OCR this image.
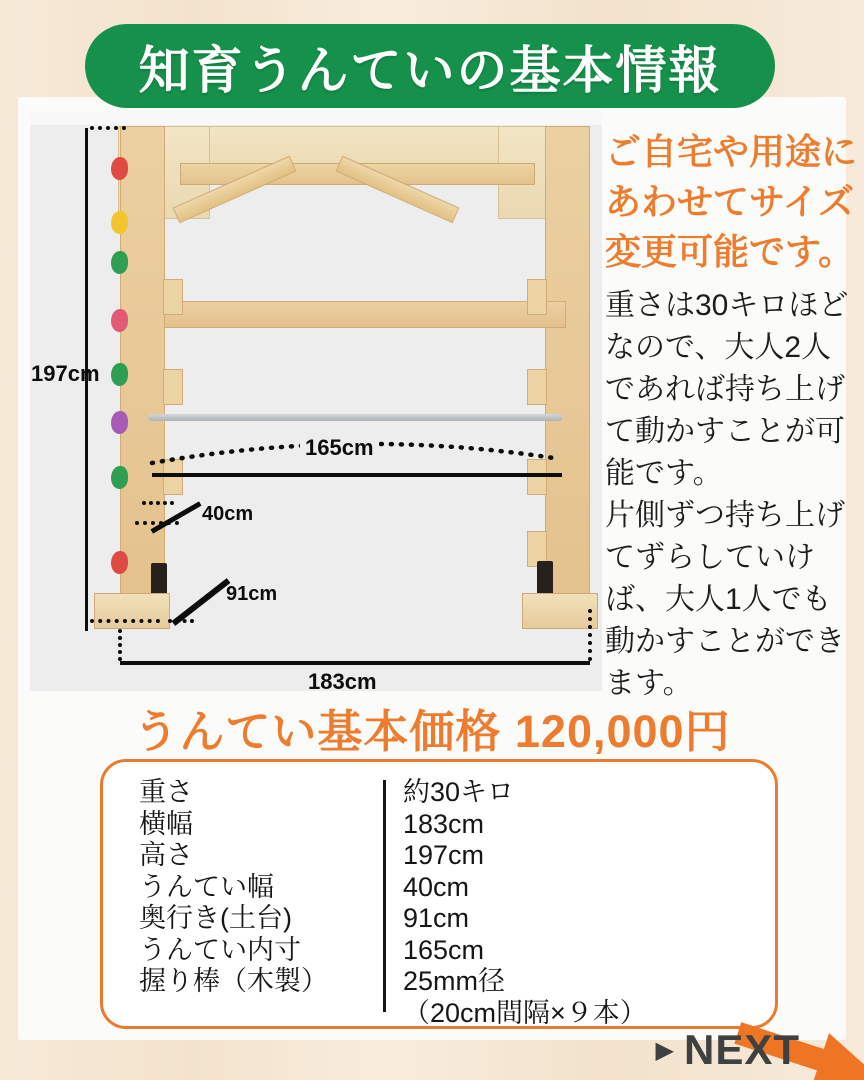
知育うんていの基本情報
197cm
165cm
40cm
91cm
183cm
ご自宅や用途に
あわせてサイズ
変更可能です。
重さは30キロほど
なので、大人2人
であれば持ち上げ
て動かすことが可
能です。
片側ずつ持ち上げ
てずらしていけ
ば、大人1人でも
動かすことができ
ます。
うんてい基本価格 120,000円
重さ
横幅
高さ
うんてい幅
奥行き(土台)
うんてい内寸
握り棒（木製）
約30キロ
183cm
197cm
40cm
91cm
165cm
25mm径
（20cm間隔×９本）
▶ NEXT
